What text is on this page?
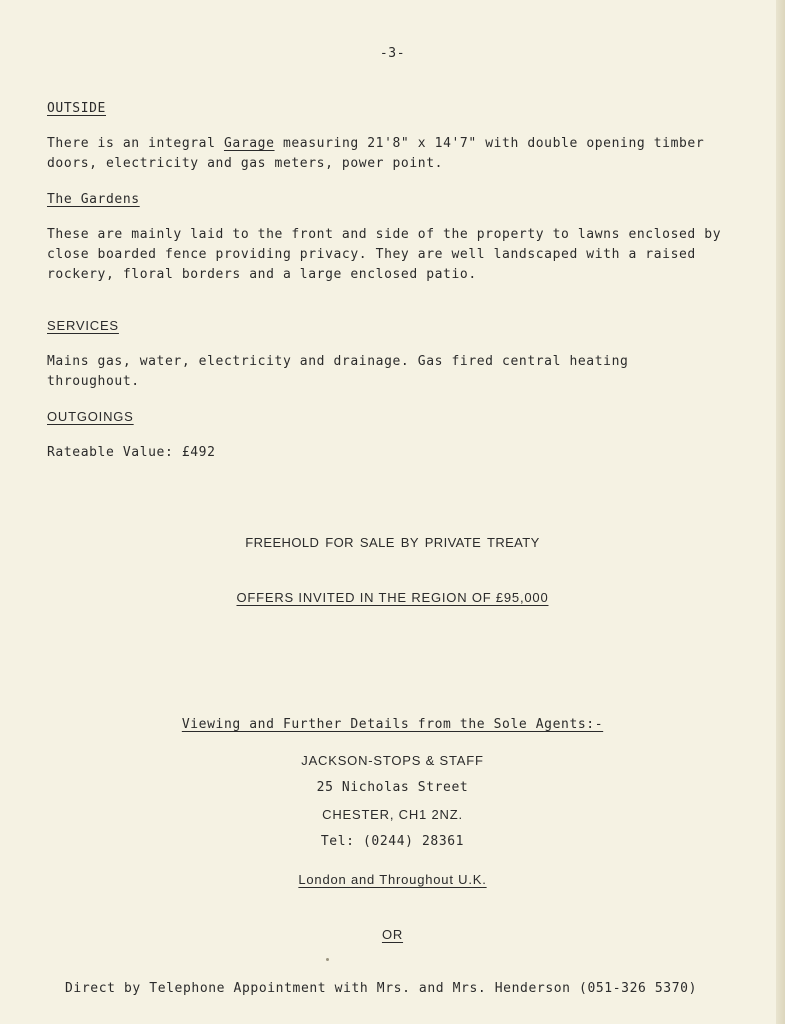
-3-
OUTSIDE
There is an integral Garage measuring 21'8" x 14'7" with double opening timber
doors, electricity and gas meters, power point.
The Gardens
These are mainly laid to the front and side of the property to lawns enclosed by
close boarded fence providing privacy. They are well landscaped with a raised
rockery, floral borders and a large enclosed patio.
SERVICES
Mains gas, water, electricity and drainage. Gas fired central heating
throughout.
OUTGOINGS
Rateable Value: £492
FREEHOLD FOR SALE BY PRIVATE TREATY
OFFERS INVITED IN THE REGION OF £95,000
Viewing and Further Details from the Sole Agents:-
JACKSON-STOPS & STAFF
25 Nicholas Street
CHESTER, CH1 2NZ.
Tel: (0244) 28361
London and Throughout U.K.
OR
Direct by Telephone Appointment with Mrs. and Mrs. Henderson (051-326 5370)
